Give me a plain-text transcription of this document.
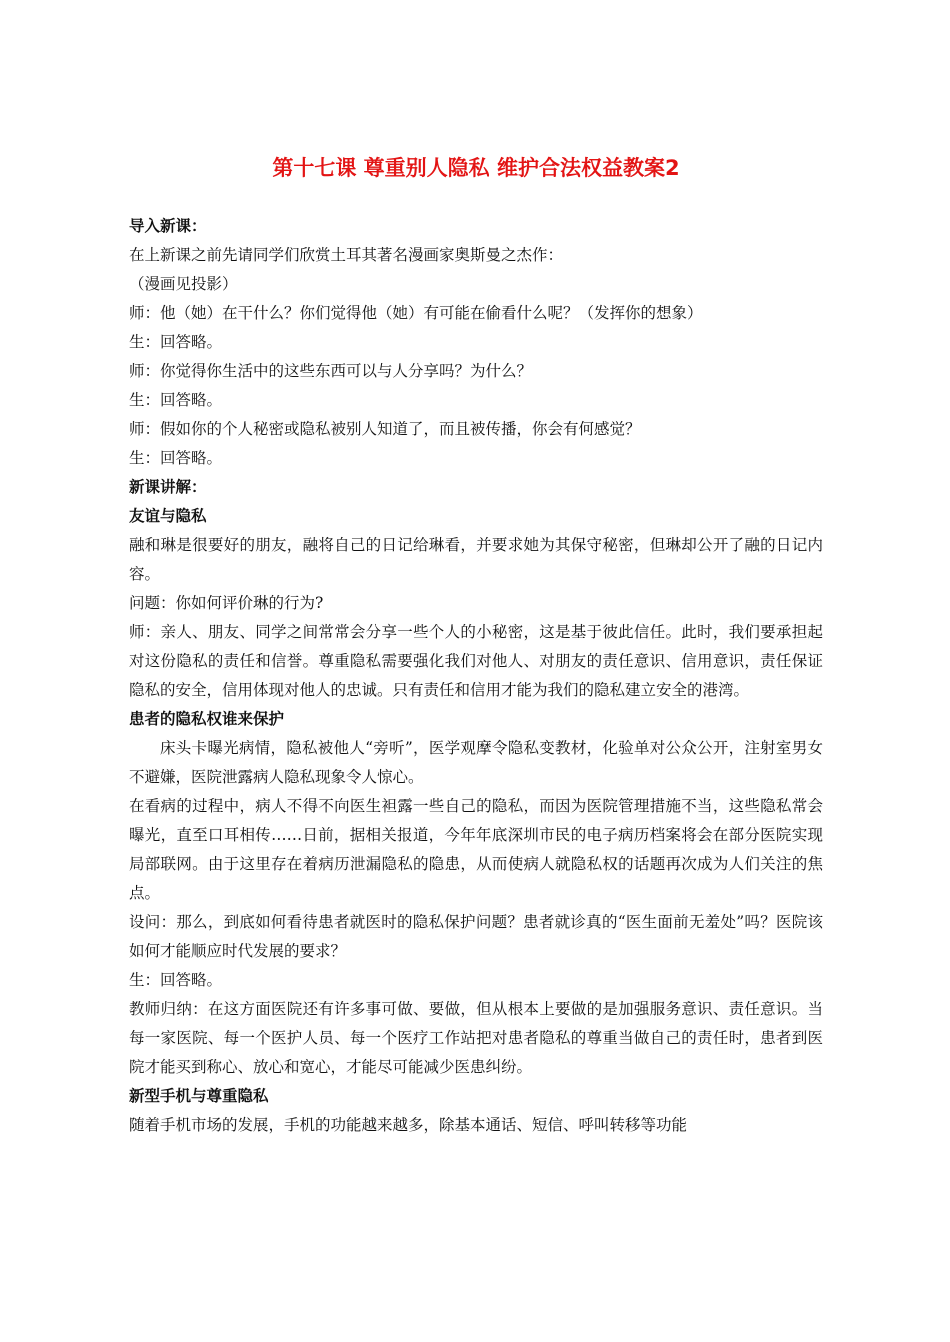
第十七课 尊重别人隐私 维护合法权益教案2

导入新课：

在上新课之前先请同学们欣赏土耳其著名漫画家奥斯曼之杰作：

（漫画见投影）

师：他（她）在干什么？你们觉得他（她）有可能在偷看什么呢？（发挥你的想象）

生：回答略。

师：你觉得你生活中的这些东西可以与人分享吗？为什么？

生：回答略。

师：假如你的个人秘密或隐私被别人知道了，而且被传播，你会有何感觉？

生：回答略。

新课讲解：

友谊与隐私

融和琳是很要好的朋友，融将自己的日记给琳看，并要求她为其保守秘密，但琳却公开了融的日记内容。

问题：你如何评价琳的行为?

师：亲人、朋友、同学之间常常会分享一些个人的小秘密，这是基于彼此信任。此时，我们要承担起对这份隐私的责任和信誉。尊重隐私需要强化我们对他人、对朋友的责任意识、信用意识，责任保证隐私的安全，信用体现对他人的忠诚。只有责任和信用才能为我们的隐私建立安全的港湾。

患者的隐私权谁来保护

床头卡曝光病情，隐私被他人“旁听”，医学观摩令隐私变教材，化验单对公众公开，注射室男女不避嫌，医院泄露病人隐私现象令人惊心。

在看病的过程中，病人不得不向医生袒露一些自己的隐私，而因为医院管理措施不当，这些隐私常会曝光，直至口耳相传……日前，据相关报道，今年年底深圳市民的电子病历档案将会在部分医院实现局部联网。由于这里存在着病历泄漏隐私的隐患，从而使病人就隐私权的话题再次成为人们关注的焦点。

设问：那么，到底如何看待患者就医时的隐私保护问题？患者就诊真的“医生面前无羞处”吗？医院该如何才能顺应时代发展的要求？

生：回答略。

教师归纳：在这方面医院还有许多事可做、要做，但从根本上要做的是加强服务意识、责任意识。当每一家医院、每一个医护人员、每一个医疗工作站把对患者隐私的尊重当做自己的责任时，患者到医院才能买到称心、放心和宽心，才能尽可能减少医患纠纷。

新型手机与尊重隐私

随着手机市场的发展，手机的功能越来越多，除基本通话、短信、呼叫转移等功能
